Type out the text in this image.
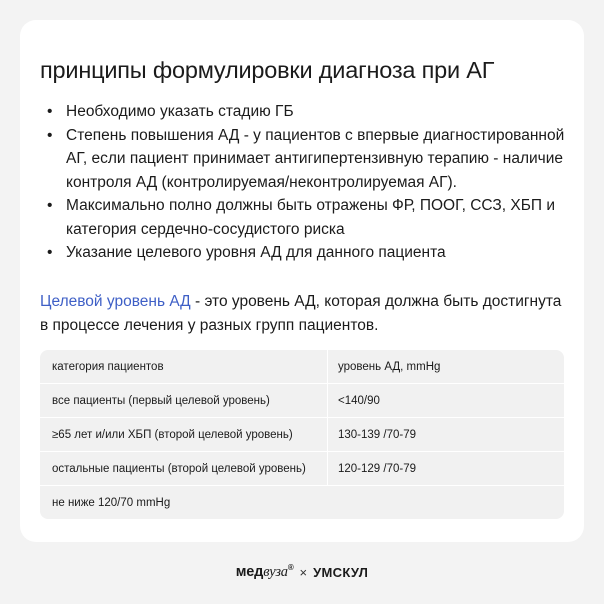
принципы формулировки диагноза при АГ
• Необходимо указать стадию ГБ
• Степень повышения АД - у пациентов с впервые диагностированной АГ, если пациент принимает антигипертензивную терапию - наличие контроля АД (контролируемая/неконтролируемая АГ).
• Максимально полно должны быть отражены ФР, ПООГ, ССЗ, ХБП и категория сердечно-сосудистого риска
• Указание целевого уровня АД для данного пациента

Целевой уровень АД - это уровень АД, которая должна быть достигнута в процессе лечения у разных групп пациентов.

категория пациентов	уровень АД, mmHg
все пациенты (первый целевой уровень)	<140/90
≥65 лет и/или ХБП (второй целевой уровень)	130-139 /70-79
остальные пациенты (второй целевой уровень)	120-129 /70-79
не ниже 120/70 mmHg
медвуза® × УМСКУЛ
